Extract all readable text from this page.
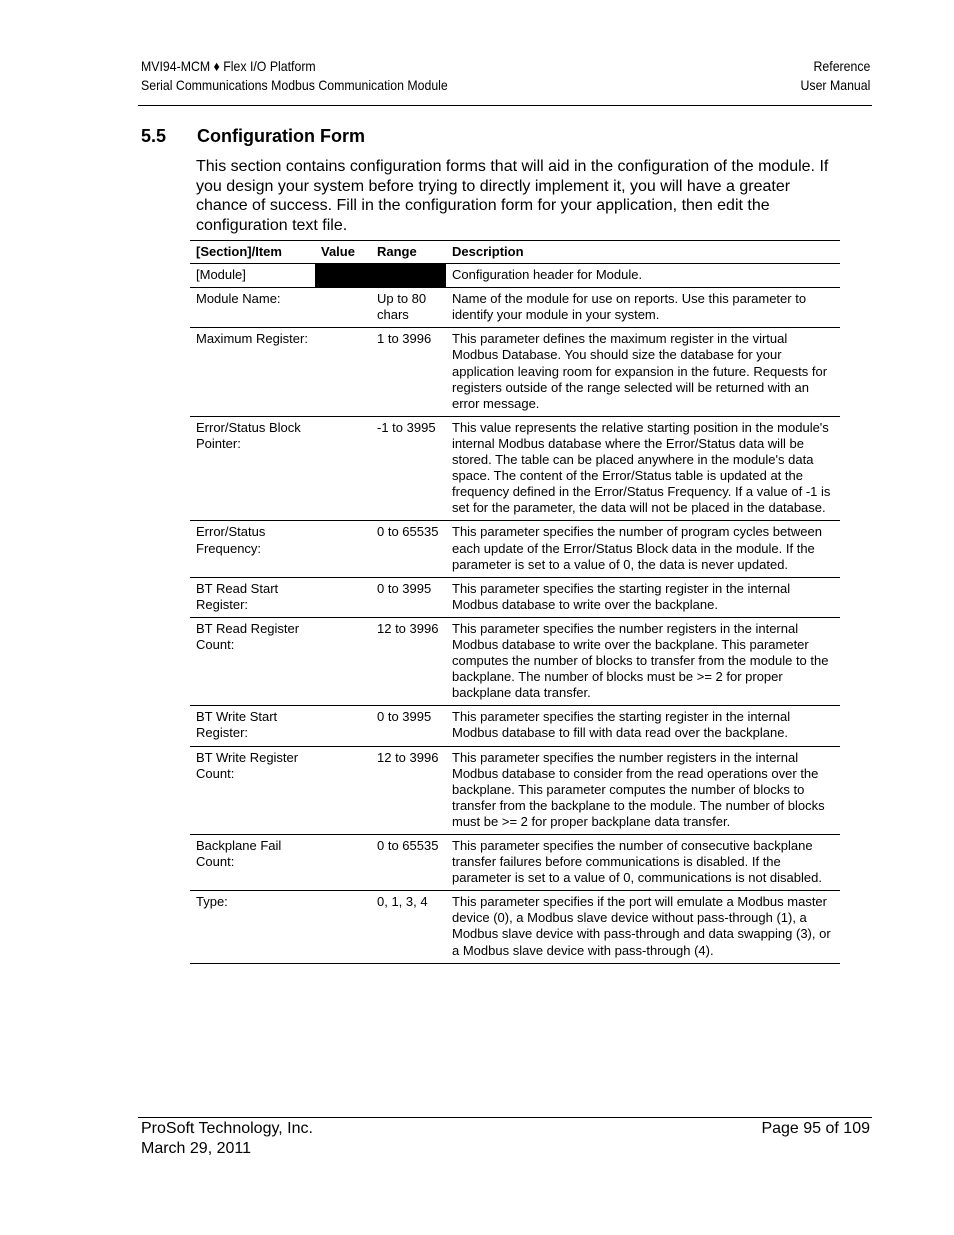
MVI94-MCM ♦ Flex I/O Platform
Serial Communications Modbus Communication Module
Reference
User Manual
5.5 Configuration Form
This section contains configuration forms that will aid in the configuration of the module. If you design your system before trying to directly implement it, you will have a greater chance of success. Fill in the configuration form for your application, then edit the configuration text file.
[Section]/Item	Value	Range	Description
[Module]			Configuration header for Module.
Module Name:		Up to 80 chars	Name of the module for use on reports. Use this parameter to identify your module in your system.
Maximum Register:		1 to 3996	This parameter defines the maximum register in the virtual Modbus Database. You should size the database for your application leaving room for expansion in the future. Requests for registers outside of the range selected will be returned with an error message.
Error/Status Block Pointer:		-1 to 3995	This value represents the relative starting position in the module's internal Modbus database where the Error/Status data will be stored. The table can be placed anywhere in the module's data space. The content of the Error/Status table is updated at the frequency defined in the Error/Status Frequency. If a value of -1 is set for the parameter, the data will not be placed in the database.
Error/Status Frequency:		0 to 65535	This parameter specifies the number of program cycles between each update of the Error/Status Block data in the module. If the parameter is set to a value of 0, the data is never updated.
BT Read Start Register:		0 to 3995	This parameter specifies the starting register in the internal Modbus database to write over the backplane.
BT Read Register Count:		12 to 3996	This parameter specifies the number registers in the internal Modbus database to write over the backplane. This parameter computes the number of blocks to transfer from the module to the backplane. The number of blocks must be >= 2 for proper backplane data transfer.
BT Write Start Register:		0 to 3995	This parameter specifies the starting register in the internal Modbus database to fill with data read over the backplane.
BT Write Register Count:		12 to 3996	This parameter specifies the number registers in the internal Modbus database to consider from the read operations over the backplane. This parameter computes the number of blocks to transfer from the backplane to the module. The number of blocks must be >= 2 for proper backplane data transfer.
Backplane Fail Count:		0 to 65535	This parameter specifies the number of consecutive backplane transfer failures before communications is disabled. If the parameter is set to a value of 0, communications is not disabled.
Type:		0, 1, 3, 4	This parameter specifies if the port will emulate a Modbus master device (0), a Modbus slave device without pass-through (1), a Modbus slave device with pass-through and data swapping (3), or a Modbus slave device with pass-through (4).
ProSoft Technology, Inc.
March 29, 2011
Page 95 of 109
